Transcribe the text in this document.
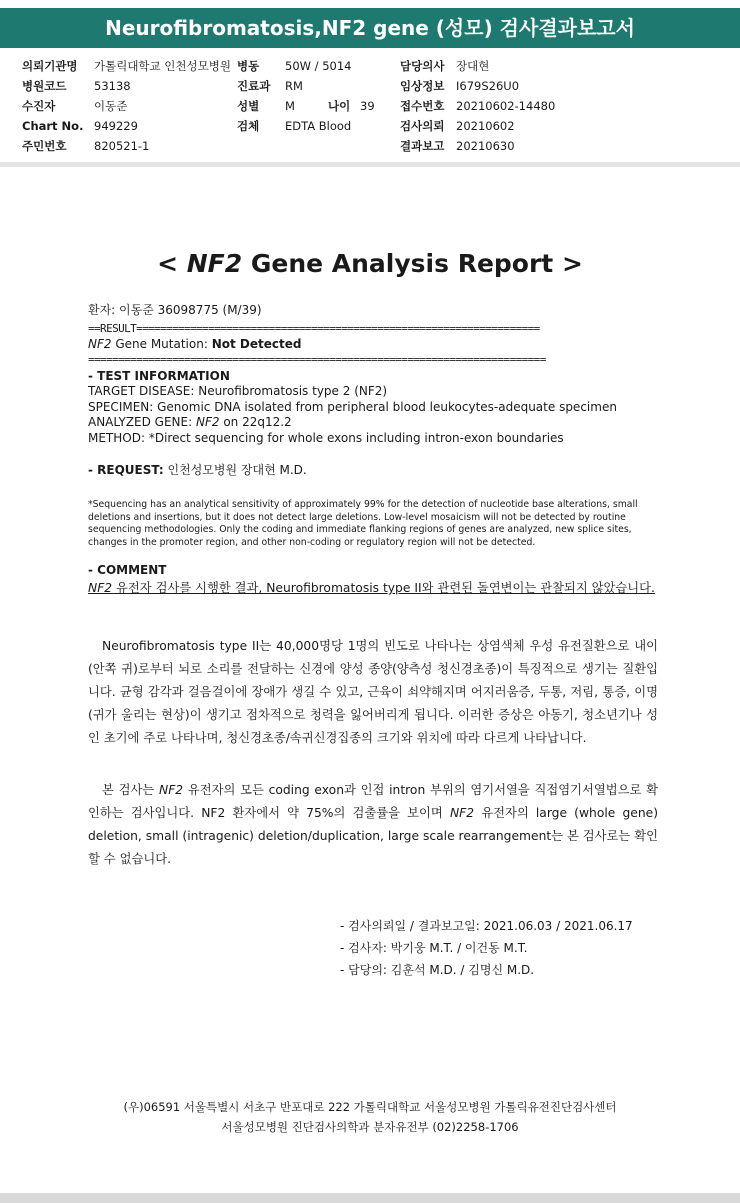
Neurofibromatosis,NF2 gene (성모) 검사결과보고서
의뢰기관명 가톨릭대학교 인천성모병원 병동 50W / 5014	담당의사 장대현
병원코드 53138	진료과 RM	임상정보 I679S26U0
수진자	이동준	성별 M	나이 39 접수번호 20210602-14480
Chart No. 949229	검체 EDTA Blood	검사의뢰 20210602
주민번호 820521-1	결과보고 20210630
< NF2 Gene Analysis Report >
환자: 이동준 36098775 (M/39)
==RESULT===================================================================
NF2 Gene Mutation: Not Detected
============================================================================
- TEST INFORMATION
TARGET DISEASE: Neurofibromatosis type 2 (NF2)
SPECIMEN: Genomic DNA isolated from peripheral blood leukocytes-adequate specimen
ANALYZED GENE: NF2 on 22q12.2
METHOD: *Direct sequencing for whole exons including intron-exon boundaries
- REQUEST: 인천성모병원 장대현 M.D.
*Sequencing has an analytical sensitivity of approximately 99% for the detection of nucleotide base alterations, small deletions and insertions, but it does not detect large deletions. Low-level mosaicism will not be detected by routine sequencing methodologies. Only the coding and immediate flanking regions of genes are analyzed, new splice sites, changes in the promoter region, and other non-coding or regulatory region will not be detected.
- COMMENT
NF2 유전자 검사를 시행한 결과, Neurofibromatosis type II와 관련된 돌연변이는 관찰되지 않았습니다.
Neurofibromatosis type II는 40,000명당 1명의 빈도로 나타나는 상염색체 우성 유전질환으로 내이(안쪽 귀)로부터 뇌로 소리를 전달하는 신경에 양성 종양(양측성 청신경초종)이 특징적으로 생기는 질환입니다. 균형 감각과 걸음걸이에 장애가 생길 수 있고, 근육이 쇠약해지며 어지러움증, 두통, 저림, 통증, 이명(귀가 울리는 현상)이 생기고 점차적으로 청력을 잃어버리게 됩니다. 이러한 증상은 아동기, 청소년기나 성인 초기에 주로 나타나며, 청신경초종/속귀신경집종의 크기와 위치에 따라 다르게 나타납니다.
본 검사는 NF2 유전자의 모든 coding exon과 인접 intron 부위의 염기서열을 직접염기서열법으로 확인하는 검사입니다. NF2 환자에서 약 75%의 검출률을 보이며 NF2 유전자의 large (whole gene) deletion, small (intragenic) deletion/duplication, large scale rearrangement는 본 검사로는 확인할 수 없습니다.
- 검사의뢰일 / 결과보고일: 2021.06.03 / 2021.06.17
- 검사자: 박기웅 M.T. / 이건동 M.T.
- 담당의: 김훈석 M.D. / 김명신 M.D.
(우)06591 서울특별시 서초구 반포대로 222 가톨릭대학교 서울성모병원 가톨릭유전진단검사센터
서울성모병원 진단검사의학과 분자유전부 (02)2258-1706
